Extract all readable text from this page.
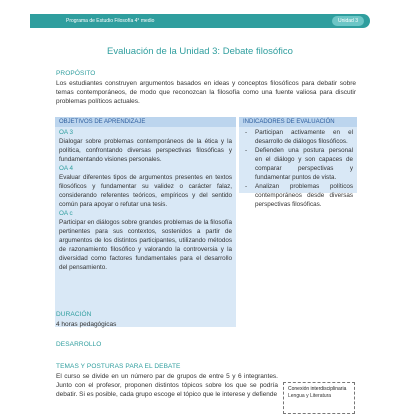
Programa de Estudio Filosofía 4° medio	Unidad 3
Evaluación de la Unidad 3: Debate filosófico
PROPÓSITO
Los estudiantes construyen argumentos basados en ideas y conceptos filosóficos para debatir sobre temas contemporáneos, de modo que reconozcan la filosofía como una fuente valiosa para discutir problemas políticos actuales.
OBJETIVOS DE APRENDIZAJE
OA 3
Dialogar sobre problemas contemporáneos de la ética y la política, confrontando diversas perspectivas filosóficas y fundamentando visiones personales.
OA 4
Evaluar diferentes tipos de argumentos presentes en textos filosóficos y fundamentar su validez o carácter falaz, considerando referentes teóricos, empíricos y del sentido común para apoyar o refutar una tesis.
OA c
Participar en diálogos sobre grandes problemas de la filosofía pertinentes para sus contextos, sostenidos a partir de argumentos de los distintos participantes, utilizando métodos de razonamiento filosófico y valorando la controversia y la diversidad como factores fundamentales para el desarrollo del pensamiento.
INDICADORES DE EVALUACIÓN
- Participan activamente en el desarrollo de diálogos filosóficos.
- Defienden una postura personal en el diálogo y son capaces de comparar perspectivas y fundamentar puntos de vista.
- Analizan problemas políticos contemporáneos desde diversas perspectivas filosóficas.
DURACIÓN
4 horas pedagógicas
DESARROLLO
TEMAS Y POSTURAS PARA EL DEBATE
El curso se divide en un número par de grupos de entre 5 y 6 integrantes. Junto con el profesor, proponen distintos tópicos sobre los que se podría debatir. Si es posible, cada grupo escoge el tópico que le interese y defiende
Conexión interdisciplinaria
Lengua y Literatura
